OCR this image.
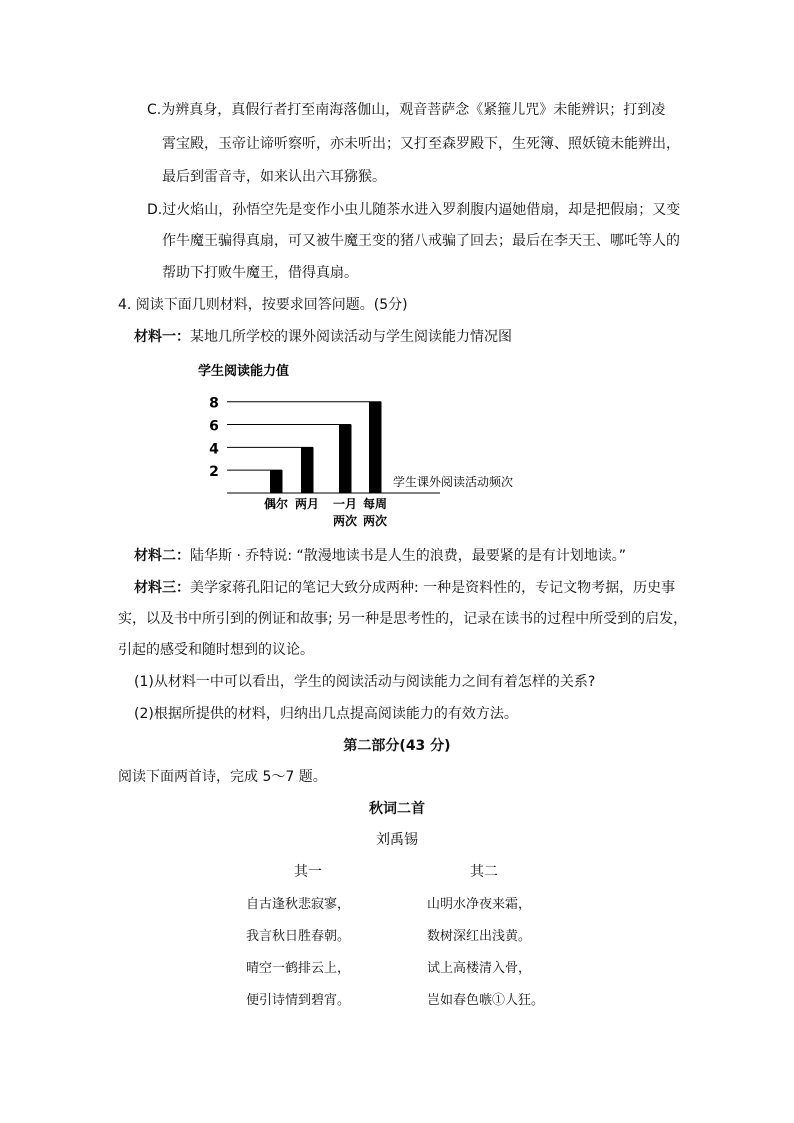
C.为辨真身，真假行者打至南海落伽山，观音菩萨念《紧箍儿咒》未能辨识；打到凌
霄宝殿，玉帝让谛听察听，亦未听出；又打至森罗殿下，生死簿、照妖镜未能辨出，
最后到雷音寺，如来认出六耳猕猴。
D.过火焰山，孙悟空先是变作小虫儿随茶水进入罗刹腹内逼她借扇，却是把假扇；又变
作牛魔王骗得真扇，可又被牛魔王变的猪八戒骗了回去；最后在李天王、哪吒等人的
帮助下打败牛魔王，借得真扇。
4. 阅读下面几则材料，按要求回答问题。(5分)
材料一：某地几所学校的课外阅读活动与学生阅读能力情况图
学生阅读能力值
2
4
6
8
偶尔 两月 一月
两次
每周
两次
学生课外阅读活动频次
材料二：陆华斯 · 乔特说: “散漫地读书是人生的浪费，最要紧的是有计划地读。”
材料三：美学家蒋孔阳记的笔记大致分成两种: 一种是资料性的，专记文物考据，历史事
实，以及书中所引到的例证和故事; 另一种是思考性的，记录在读书的过程中所受到的启发，
引起的感受和随时想到的议论。
(1)从材料一中可以看出，学生的阅读活动与阅读能力之间有着怎样的关系?
(2)根据所提供的材料，归纳出几点提高阅读能力的有效方法。
第二部分(43 分)
阅读下面两首诗，完成 5～7 题。
秋词二首
刘禹锡
其一	其二
自古逢秋悲寂寥，
我言秋日胜春朝。
晴空一鹤排云上，
便引诗情到碧宵。
山明水净夜来霜，
数树深红出浅黄。
试上高楼清入骨，
岂如春色嗾①人狂。
